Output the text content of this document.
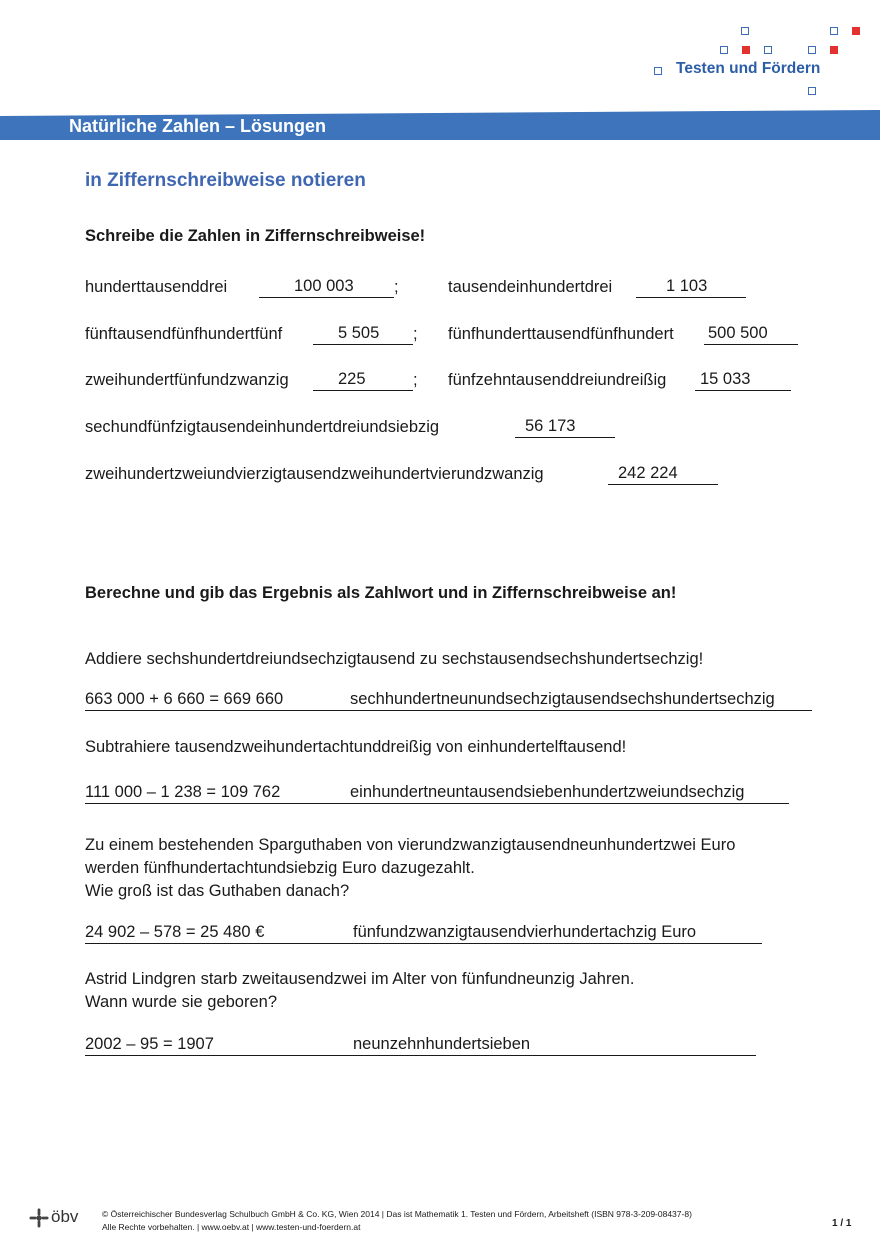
Testen und Fördern
Natürliche Zahlen – Lösungen
in Ziffernschreibweise notieren
Schreibe die Zahlen in Ziffernschreibweise!
hunderttausenddrei	100 003	;	tausendeinhundertdrei	1 103
fünftausendfünfhundertfünf	5 505	; fünfhunderttausendfünfhundert 500 500
zweihundertfünfundzwanzig	225	; fünfzehntausenddreiundreißig	15 033
sechundfünfzigtausendeinhundertdreiundsiebzig	56 173
zweihundertzweiundvierzigtausendzweihundertvierundzwanzig	242 224
Berechne und gib das Ergebnis als Zahlwort und in Ziffernschreibweise an!
Addiere sechshundertdreiundsechzigtausend zu sechstausendsechshundertsechzig!
663 000 + 6 660 = 669 660	sechhundertneunundsechzigtausendsechshundertsechzig
Subtrahiere tausendzweihundertachtunddreißig von einhundertelftausend!
111 000 – 1 238 = 109 762	einhundertneuntausendsiebenhundertzweiundsechzig
Zu einem bestehenden Sparguthaben von vierundzwanzigtausendneunhundertzwei Euro
werden fünfhundertachtundsiebzig Euro dazugezahlt.
Wie groß ist das Guthaben danach?
24 902 – 578 = 25 480 €	fünfundzwanzigtausendvierhundertachzig Euro
Astrid Lindgren starb zweitausendzwei im Alter von fünfundneunzig Jahren.
Wann wurde sie geboren?
2002 – 95 = 1907	neunzehnhundertsieben
öbv	© Österreichischer Bundesverlag Schulbuch GmbH & Co. KG, Wien 2014 | Das ist Mathematik 1. Testen und Fördern, Arbeitsheft (ISBN 978-3-209-08437-8)
Alle Rechte vorbehalten. | www.oebv.at | www.testen-und-foerdern.at	1 / 1
